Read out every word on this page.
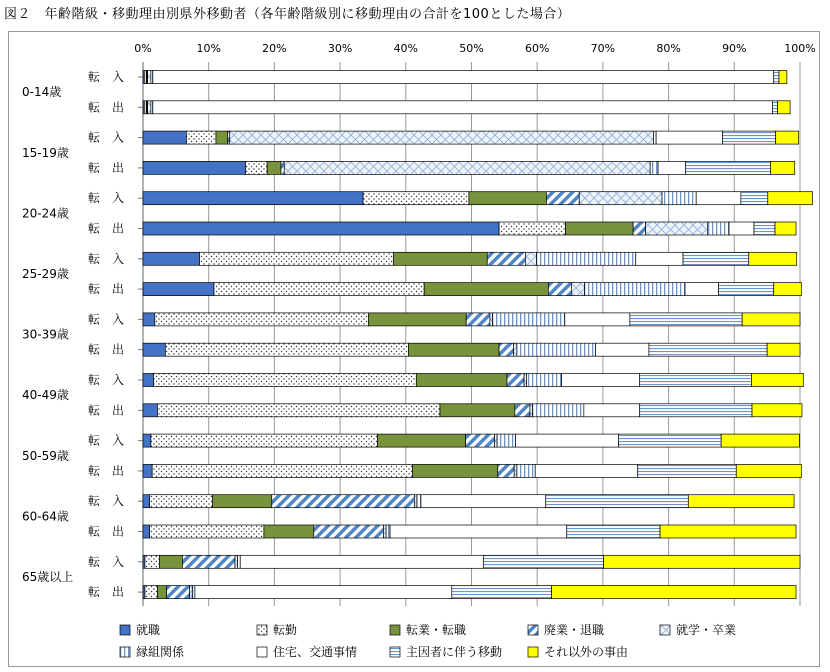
図２　年齢階級・移動理由別県外移動者（各年齢階級別に移動理由の合計を100とした場合）
0%	10%	20%	30%	40%	50%	60%	70%	80%	90%	100%
転　入
転　出
転　入
転　出
転　入
転　出
転　入
転　出
転　入
転　出
転　入
転　出
転　入
転　出
転　入
転　出
転　入
転　出
0-14歳
15-19歳
20-24歳
25-29歳
30-39歳
40-49歳
50-59歳
60-64歳
65歳以上
就職	転勤	転業・転職	廃業・退職	就学・卒業
縁組関係	住宅、交通事情	主因者に伴う移動	それ以外の事由
